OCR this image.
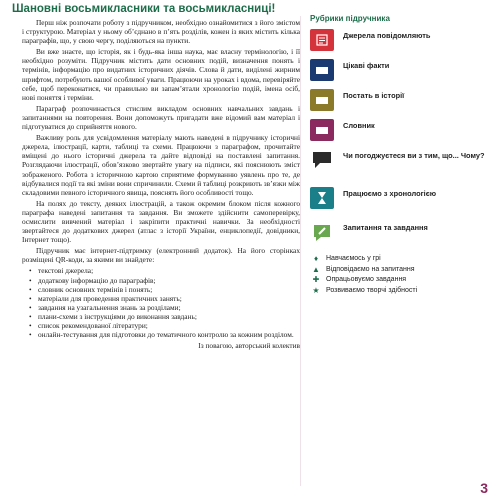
Шановні восьмикласники та восьмикласниці!

Перш ніж розпочати роботу з підручником, необхідно ознайомитися з його змістом і структурою. Матеріал у ньому об’єднано в п’ять розділів, кожен із яких містить кілька параграфів, що, у свою чергу, поділяються на пункти.

Ви вже знаєте, що історія, як і будь-яка інша наука, має власну термінологію, і її необхідно розуміти. Підручник містить дати основних подій, визначення понять і термінів, інформацію про видатних історичних діячів. Слова й дати, виділені жирним шрифтом, потребують вашої особливої уваги. Працюючи на уроках і вдома, перевіряйте себе, щоб переконатися, чи правильно ви запам’ятали хронологію подій, імена осіб, нові поняття і терміни.

Параграф розпочинається стислим викладом основних навчальних завдань і запитаннями на повторення. Вони допоможуть пригадати вже відомий вам матеріал і підготуватися до сприйняття нового.

Важливу роль для усвідомлення матеріалу мають наведені в підручнику історичні джерела, ілюстрації, карти, таблиці та схеми. Працюючи з параграфом, прочитайте вміщені до нього історичні джерела та дайте відповіді на поставлені запитання. Розглядаючи ілюстрації, обов’язково звертайте увагу на підписи, які пояснюють зміст зображеного. Робота з історичною картою сприятиме формуванню уявлень про те, де відбувалися події та які зміни вони спричинили. Схеми й таблиці розкриють зв’язки між складовими певного історичного явища, пояснять його особливості тощо.

На полях до тексту, деяких ілюстрацій, а також окремим блоком після кожного параграфа наведені запитання та завдання. Ви зможете здійснити самоперевірку, осмислити вивчений матеріал і закріпити практичні навички. За необхідності звертайтеся до додаткових джерел (атлас з історії України, енциклопедії, довідники, Інтернет тощо).

Підручник має інтернет-підтримку (електронний додаток). На його сторінках розміщені QR-коди, за якими ви знайдете:

• текстові джерела;
• додаткову інформацію до параграфів;
• словник основних термінів і понять;
• матеріали для проведення практичних занять;
• завдання на узагальнення знань за розділами;
• плани-схеми з інструкціями до виконання завдань;
• список рекомендованої літератури;
• онлайн-тестування для підготовки до тематичного контролю за кожним розділом.
Із повагою, авторський колектив
Рубрики підручника
Джерела повідомляють
Цікаві факти
Постать в історії
Словник
Чи погоджуєтеся ви з тим, що... Чому?
Працюємо з хронологією
Запитання та завдання
♦	Навчаємось у грі
▲ Відповідаємо на запитання
✚ Опрацьовуємо завдання
★ Розвиваємо творчі здібності
3
